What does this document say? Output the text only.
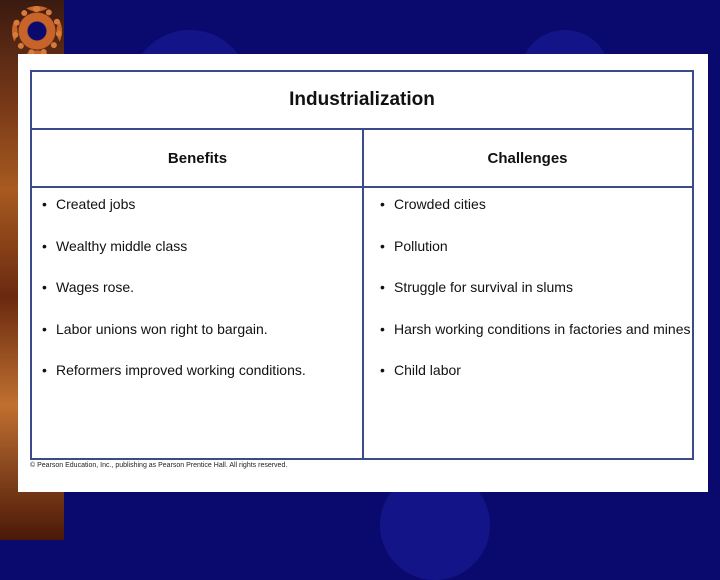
Industrialization
Benefits	Challenges
• Created jobs
• Wealthy middle class
• Wages rose.
• Labor unions won right to bargain.
• Reformers improved working conditions.
• Crowded cities
• Pollution
• Struggle for survival in slums
• Harsh working conditions in factories and mines
• Child labor
© Pearson Education, Inc., publishing as Pearson Prentice Hall. All rights reserved.
